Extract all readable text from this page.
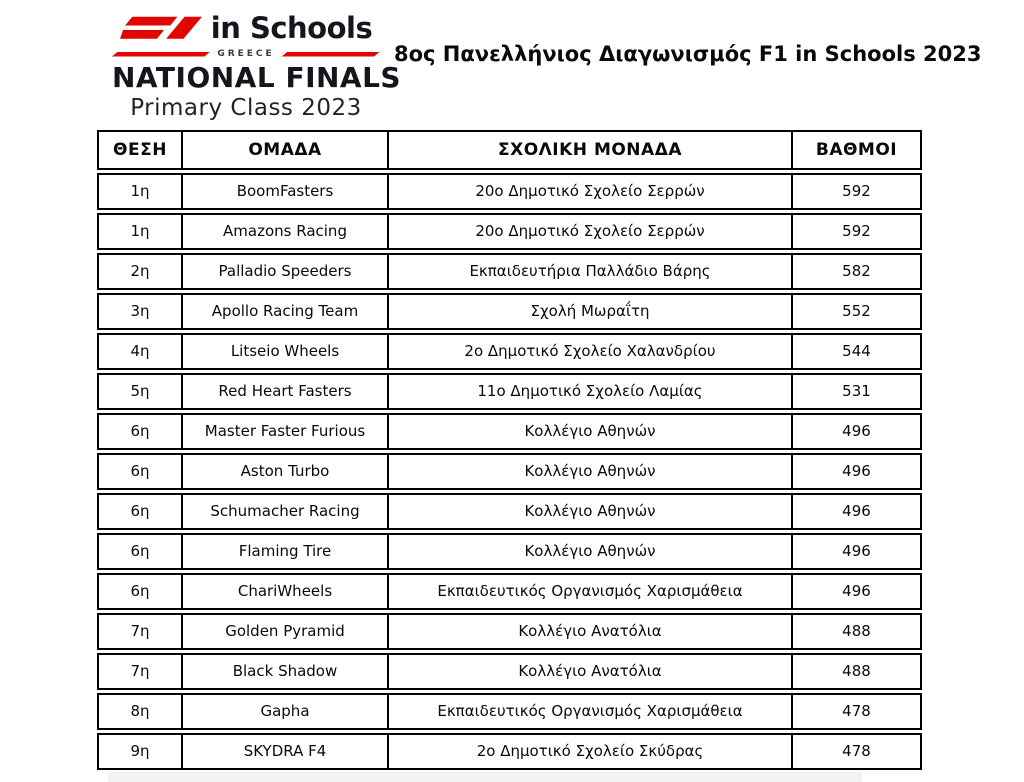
in Schools
GREECE
NATIONAL FINALS
Primary Class 2023
8ος Πανελλήνιος Διαγωνισμός F1 in Schools 2023
ΘΕΣΗ	ΟΜΑΔΑ	ΣΧΟΛΙΚΗ ΜΟΝΑΔΑ	ΒΑΘΜΟΙ
1η	BoomFasters	20ο Δημοτικό Σχολείο Σερρών	592
1η	Amazons Racing	20ο Δημοτικό Σχολείο Σερρών	592
2η	Palladio Speeders	Εκπαιδευτήρια Παλλάδιο Βάρης	582
3η	Apollo Racing Team	Σχολή Μωραΐτη	552
4η	Litseio Wheels	2ο Δημοτικό Σχολείο Χαλανδρίου	544
5η	Red Heart Fasters	11ο Δημοτικό Σχολείο Λαμίας	531
6η	Master Faster Furious	Κολλέγιο Αθηνών	496
6η	Aston Turbo	Κολλέγιο Αθηνών	496
6η	Schumacher Racing	Κολλέγιο Αθηνών	496
6η	Flaming Tire	Κολλέγιο Αθηνών	496
6η	ChariWheels	Εκπαιδευτικός Οργανισμός Χαρισμάθεια	496
7η	Golden Pyramid	Κολλέγιο Ανατόλια	488
7η	Black Shadow	Κολλέγιο Ανατόλια	488
8η	Gapha	Εκπαιδευτικός Οργανισμός Χαρισμάθεια	478
9η	SKYDRA F4	2ο Δημοτικό Σχολείο Σκύδρας	478
